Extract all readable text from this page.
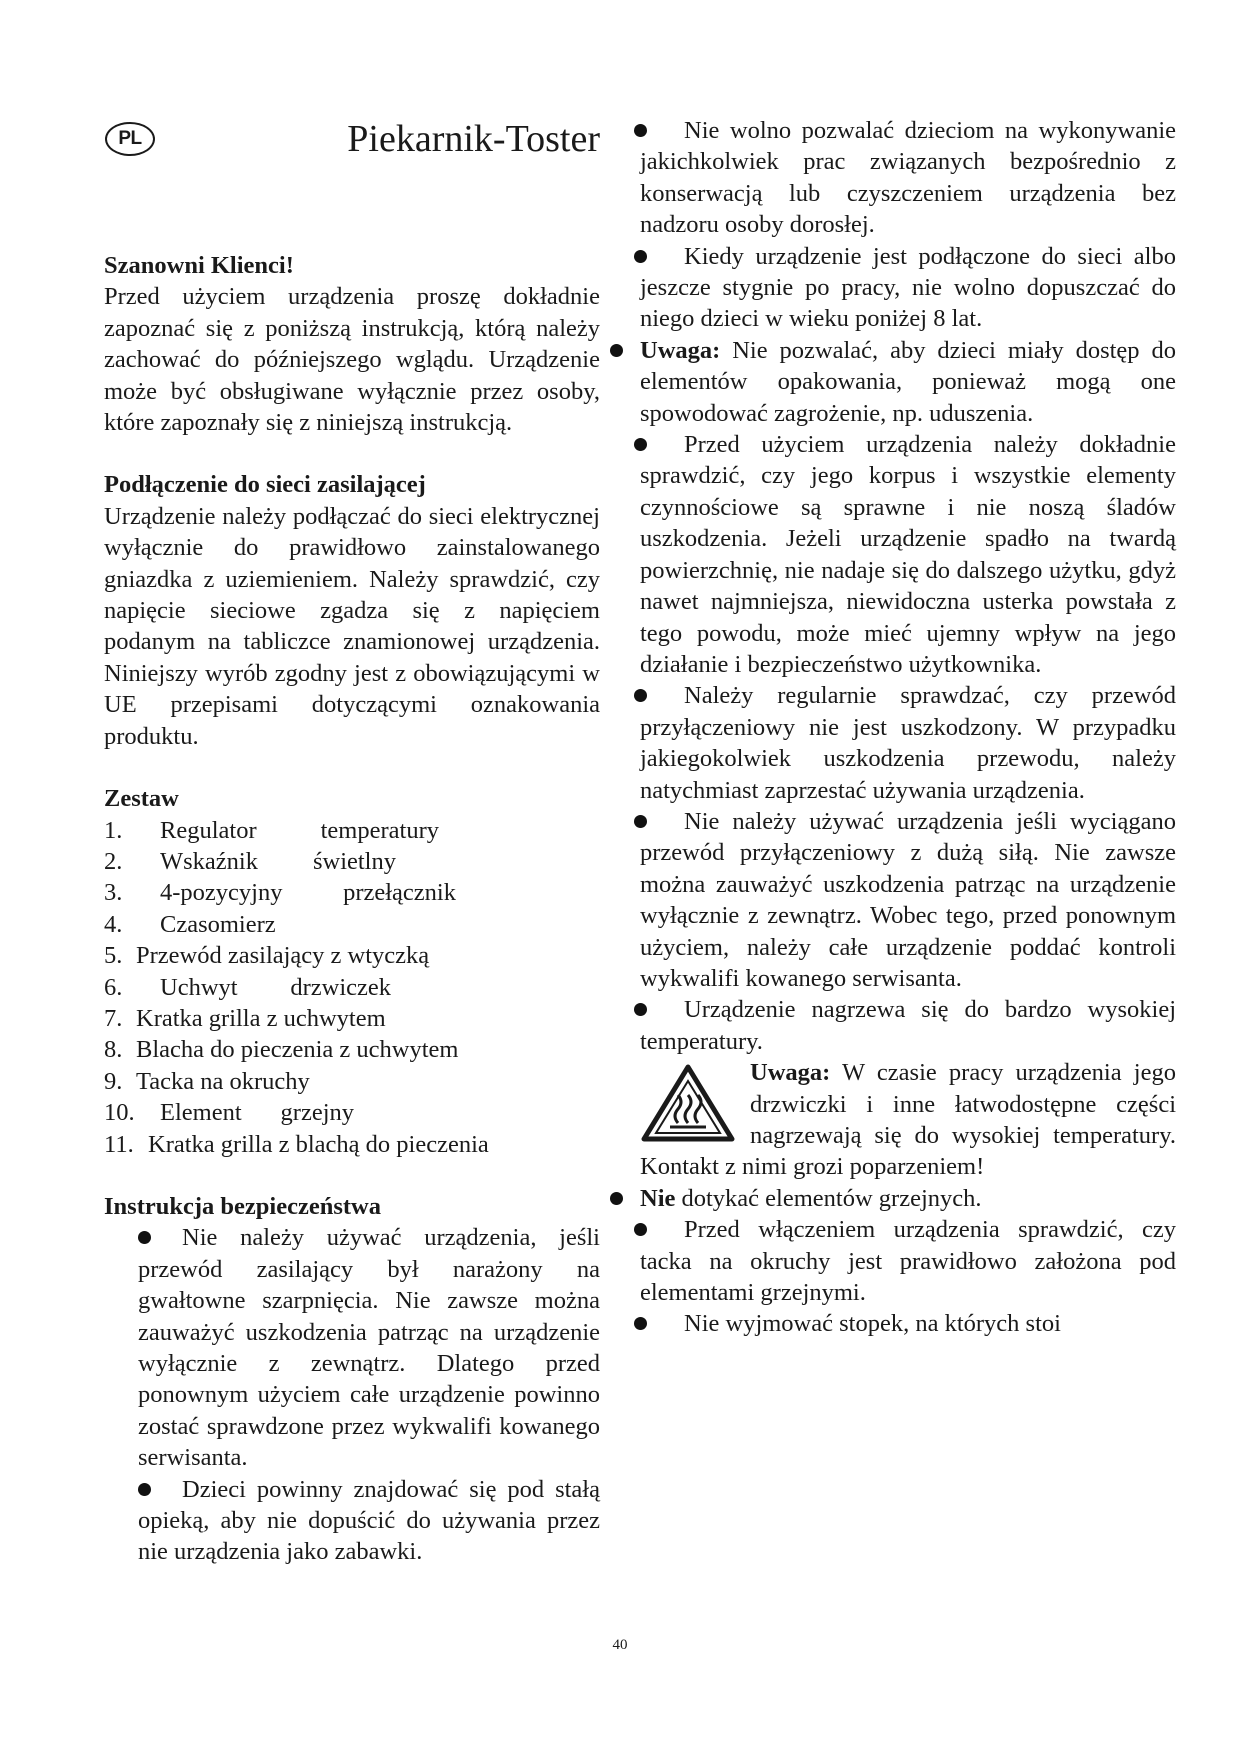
PL	Piekarnik-Toster
Szanowni Klienci!

Przed użyciem urządzenia proszę dokładnie zapoznać się z poniższą instrukcją, którą należy zachować do późniejszego wglądu. Urządzenie może być obsługiwane wyłącznie przez osoby, które zapoznały się z niniejszą instrukcją.

Podłączenie do sieci zasilającej

Urządzenie należy podłączać do sieci elektrycznej wyłącznie do prawidłowo zainstalowanego gniazdka z uziemieniem. Należy sprawdzić, czy napięcie sieciowe zgadza się z napięciem podanym na tabliczce znamionowej urządzenia. Niniejszy wyrób zgodny jest z obowiązującymi w UE przepisami dotyczącymi oznakowania produktu.

Zestaw
1.	Regulator	temperatury
2.	Wskaźnik świetlny
3.	4-pozycyjny przełącznik
4.	Czasomierz
5. Przewód zasilający z wtyczką
6.	Uchwyt drzwiczek
7. Kratka grilla z uchwytem
8. Blacha do pieczenia z uchwytem
9. Tacka na okruchy
10.	Element grzejny
11. Kratka grilla z blachą do pieczenia
Instrukcja bezpieczeństwa
Nie należy używać urządzenia, jeśli przewód zasilający był narażony na gwałtowne szarpnięcia. Nie zawsze można zauważyć uszkodzenia patrząc na urządzenie wyłącznie z zewnątrz. Dlatego przed ponownym użyciem całe urządzenie powinno zostać sprawdzone przez wykwalifi kowanego serwisanta.
Dzieci powinny znajdować się pod stałą opieką, aby nie dopuścić do używania przez nie urządzenia jako zabawki.
Nie wolno pozwalać dzieciom na wykonywanie jakichkolwiek prac związanych bezpośrednio z konserwacją lub czyszczeniem urządzenia bez nadzoru osoby dorosłej.
Kiedy urządzenie jest podłączone do sieci albo jeszcze stygnie po pracy, nie wolno dopuszczać do niego dzieci w wieku poniżej 8 lat.
Uwaga: Nie pozwalać, aby dzieci miały dostęp do elementów opakowania, ponieważ mogą one spowodować zagrożenie, np. uduszenia.
Przed użyciem urządzenia należy dokładnie sprawdzić, czy jego korpus i wszystkie elementy czynnościowe są sprawne i nie noszą śladów uszkodzenia. Jeżeli urządzenie spadło na twardą powierzchnię, nie nadaje się do dalszego użytku, gdyż nawet najmniejsza, niewidoczna usterka powstała z tego powodu, może mieć ujemny wpływ na jego działanie i bezpieczeństwo użytkownika.
Należy regularnie sprawdzać, czy przewód przyłączeniowy nie jest uszkodzony. W przypadku jakiegokolwiek uszkodzenia przewodu, należy natychmiast zaprzestać używania urządzenia.
Nie należy używać urządzenia jeśli wyciągano przewód przyłączeniowy z dużą siłą. Nie zawsze można zauważyć uszkodzenia patrząc na urządzenie wyłącznie z zewnątrz. Wobec tego, przed ponownym użyciem, należy całe urządzenie poddać kontroli wykwalifi kowanego serwisanta.
Urządzenie nagrzewa się do bardzo wysokiej temperatury.

Uwaga: W czasie pracy urządzenia jego drzwiczki i inne łatwodostępne części nagrzewają się do wysokiej temperatury. Kontakt z nimi grozi poparzeniem!

Nie dotykać elementów grzejnych.
Przed włączeniem urządzenia sprawdzić, czy tacka na okruchy jest prawidłowo założona pod elementami grzejnymi.
Nie wyjmować stopek, na których stoi
40
